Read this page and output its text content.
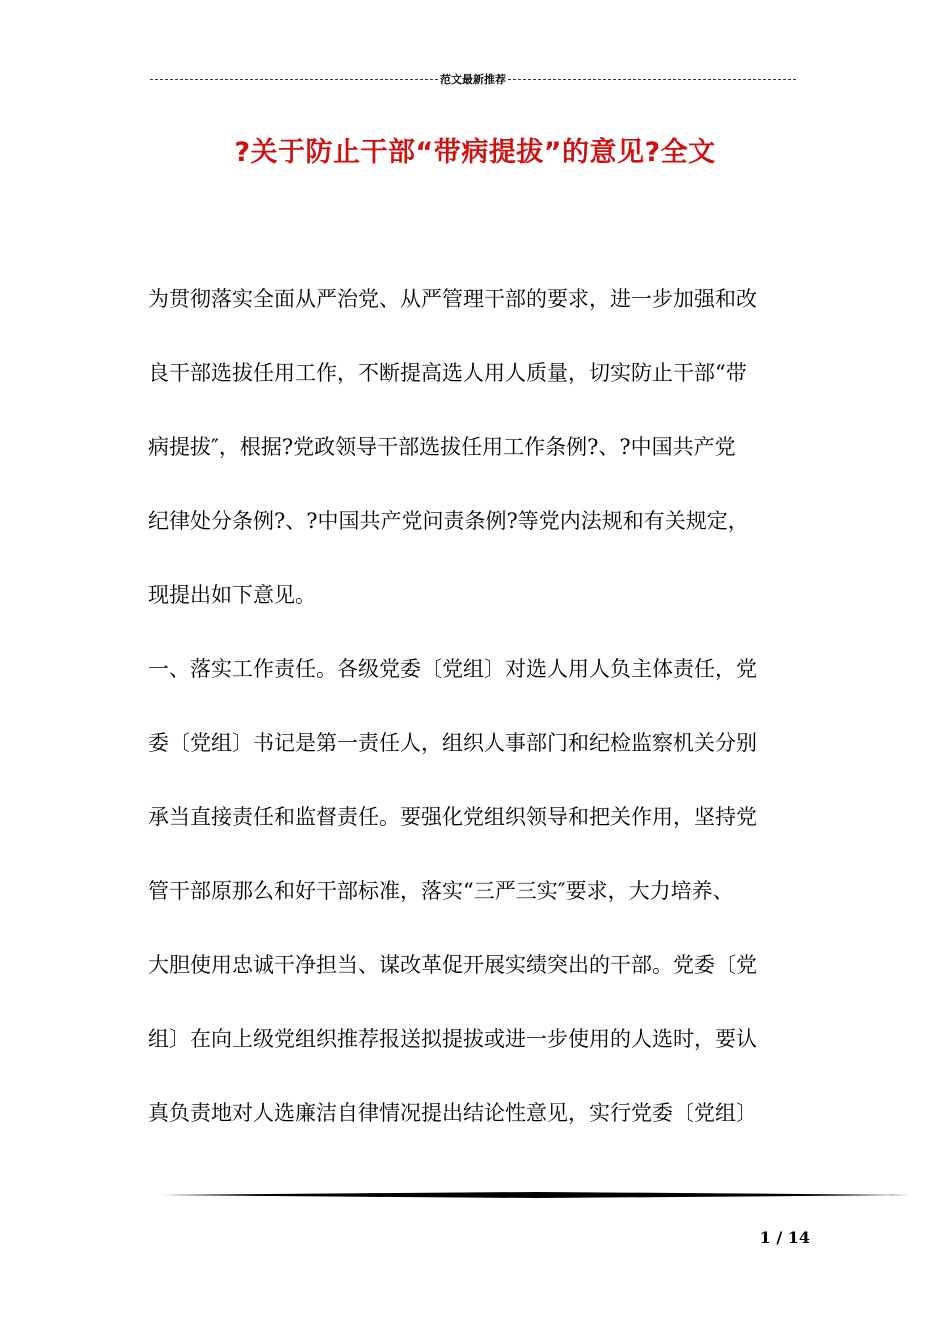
范文最新推荐
?关于防止干部“带病提拔”的意见?全文
为贯彻落实全面从严治党、从严管理干部的要求，进一步加强和改
良干部选拔任用工作，不断提高选人用人质量，切实防止干部“带
病提拔″，根据?党政领导干部选拔任用工作条例?、?中国共产党
纪律处分条例?、?中国共产党问责条例?等党内法规和有关规定，
现提出如下意见。
一、落实工作责任。各级党委〔党组〕对选人用人负主体责任，党
委〔党组〕书记是第一责任人，组织人事部门和纪检监察机关分别
承当直接责任和监督责任。要强化党组织领导和把关作用，坚持党
管干部原那么和好干部标准，落实“三严三实″要求，大力培养、
大胆使用忠诚干净担当、谋改革促开展实绩突出的干部。党委〔党
组〕在向上级党组织推荐报送拟提拔或进一步使用的人选时，要认
真负责地对人选廉洁自律情况提出结论性意见，实行党委〔党组〕
1 / 14
